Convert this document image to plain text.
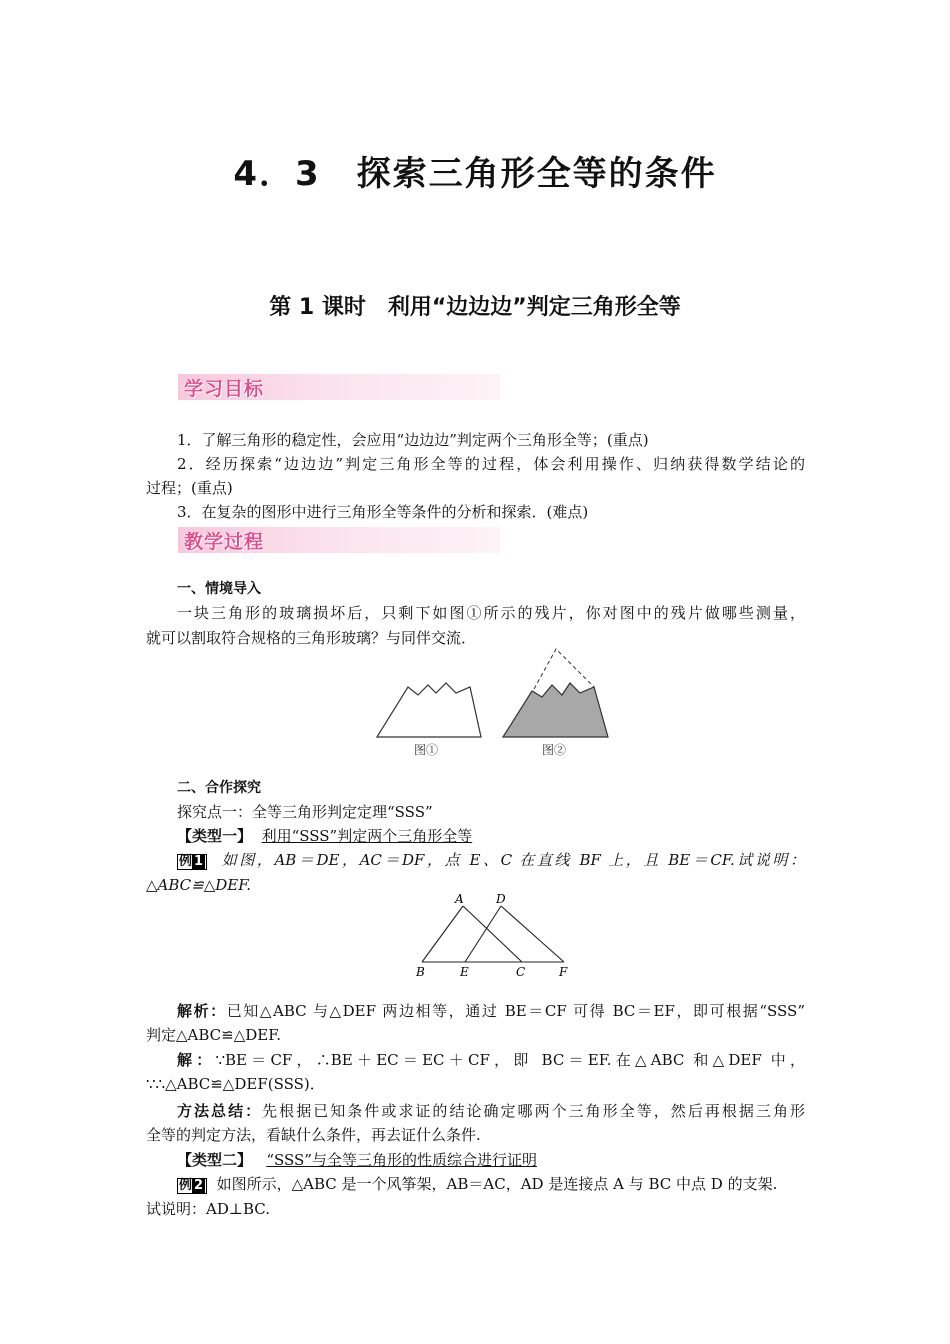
4．3　探索三角形全等的条件
第 1 课时　利用“边边边”判定三角形全等
学习目标
1．了解三角形的稳定性，会应用“边边边”判定两个三角形全等；(重点)
2．经历探索“边边边”判定三角形全等的过程，体会利用操作、归纳获得数学结论的
过程；(重点)
3．在复杂的图形中进行三角形全等条件的分析和探索．(难点)
教学过程
一、情境导入
一块三角形的玻璃损坏后，只剩下如图①所示的残片，你对图中的残片做哪些测量，
就可以割取符合规格的三角形玻璃？与同伴交流．
图①	图②
二、合作探究
探究点一：全等三角形判定定理“SSS”
【类型一】 利用“SSS”判定两个三角形全等
例 1 如图，AB＝DE，AC＝DF，点 E、C 在直线 BF 上，且 BE＝CF.试说明：
△ABC≌△DEF.
A	D
B	E	C	F
解析：已知△ABC 与△DEF 两边相等，通过 BE＝CF 可得 BC＝EF，即可根据“SSS”
判定△ABC≌△DEF.
解：∵BE＝CF，∴BE＋EC＝EC＋CF，即 BC＝EF.在△ABC 和△DEF 中，
∵∴△ABC≌△DEF(SSS)．
方法总结：先根据已知条件或求证的结论确定哪两个三角形全等，然后再根据三角形
全等的判定方法，看缺什么条件，再去证什么条件.
【类型二】 “SSS”与全等三角形的性质综合进行证明
例 2 如图所示，△ABC 是一个风筝架，AB＝AC，AD 是连接点 A 与 BC 中点 D 的支架.
试说明：AD⊥BC.
